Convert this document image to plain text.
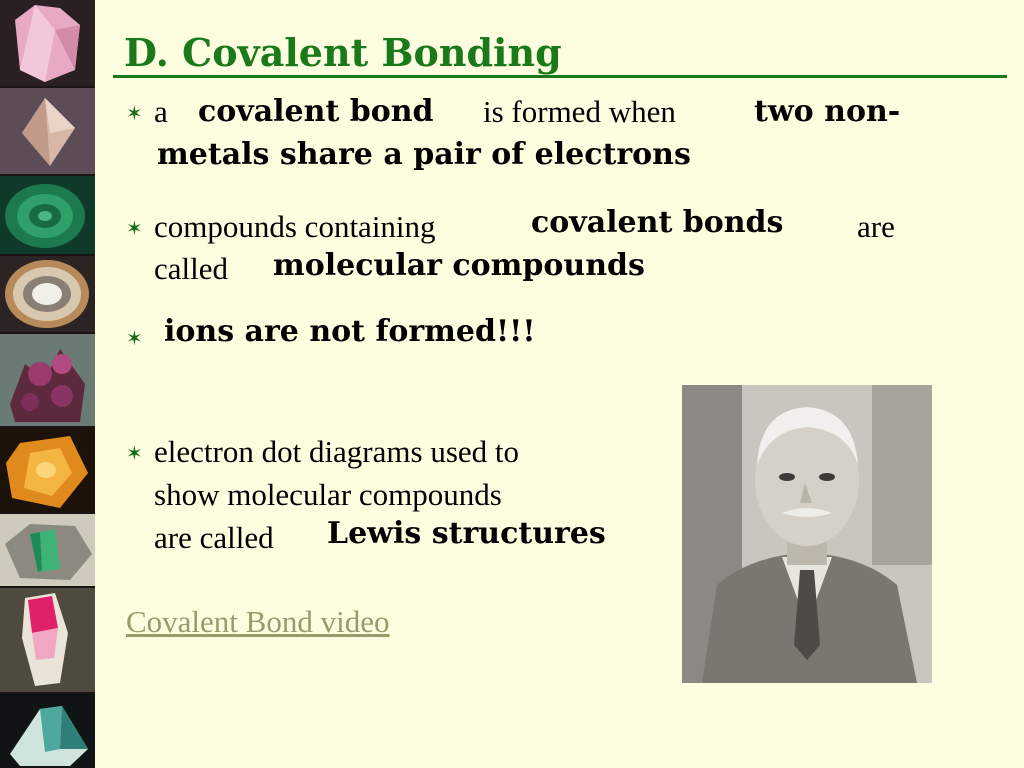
D. Covalent Bonding
✶ a covalent bond is formed when	two non-
metals share a pair of electrons
✶ compounds containing	covalent bonds are
called molecular compounds
✶ ions are not formed!!!
✶ electron dot diagrams used to
show molecular compounds
are called Lewis structures
Covalent Bond video
